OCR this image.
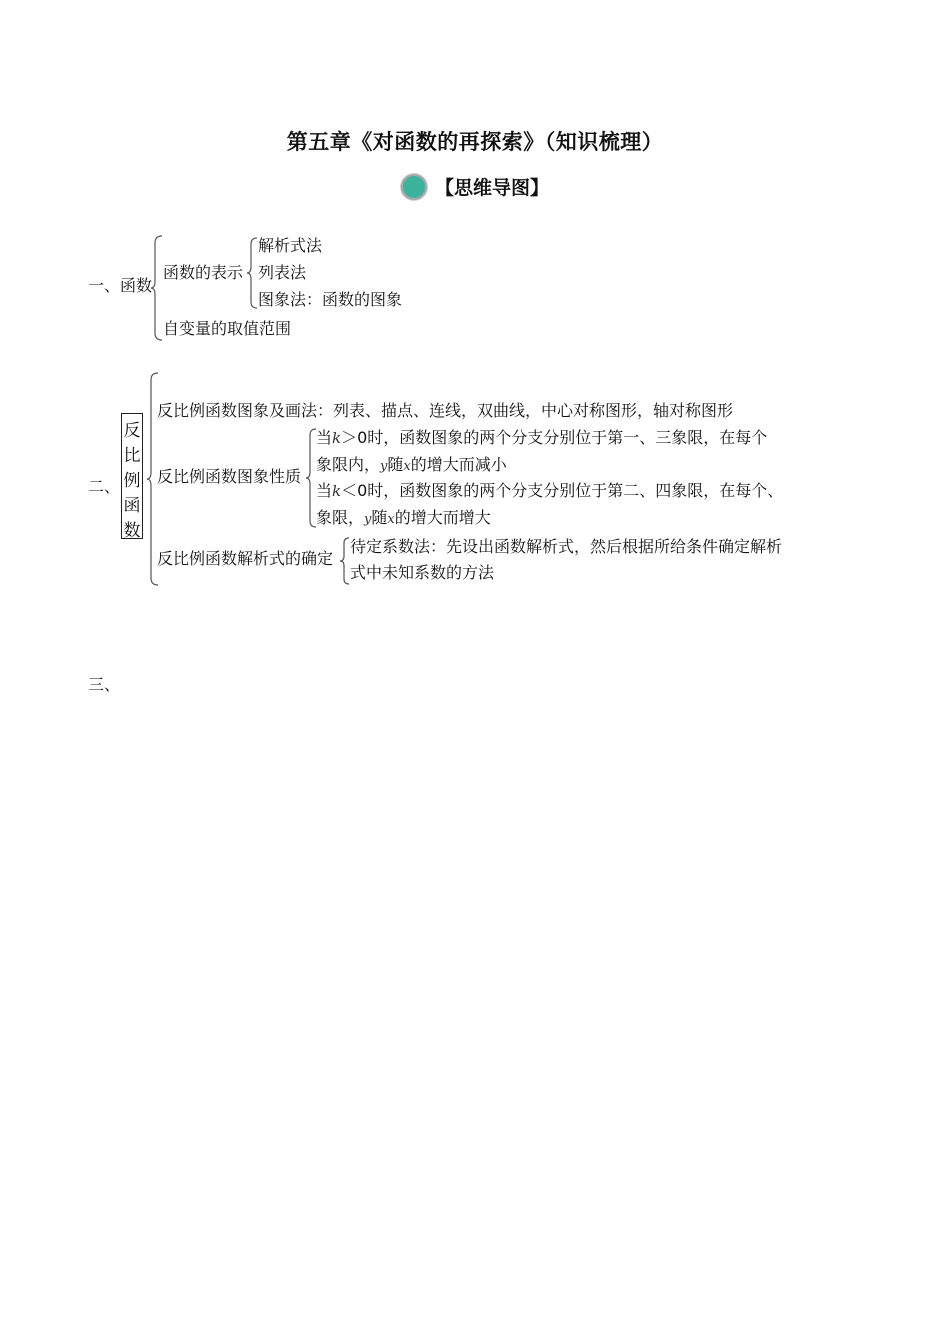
第五章《对函数的再探索》（知识梳理）
【思维导图】
一、函数
函数的表示
解析式法
列表法
图象法：函数的图象
自变量的取值范围
二、
反
比
例
函
数
反比例函数图象及画法：列表、描点、连线，双曲线，中心对称图形，轴对称图形
反比例函数图象性质
当k＞0时，函数图象的两个分支分别位于第一、三象限，在每个
象限内，y随x的增大而减小
当k＜0时，函数图象的两个分支分别位于第二、四象限，在每个、
象限，y随x的增大而增大
反比例函数解析式的确定
待定系数法：先设出函数解析式，然后根据所给条件确定解析
式中未知系数的方法
三、
